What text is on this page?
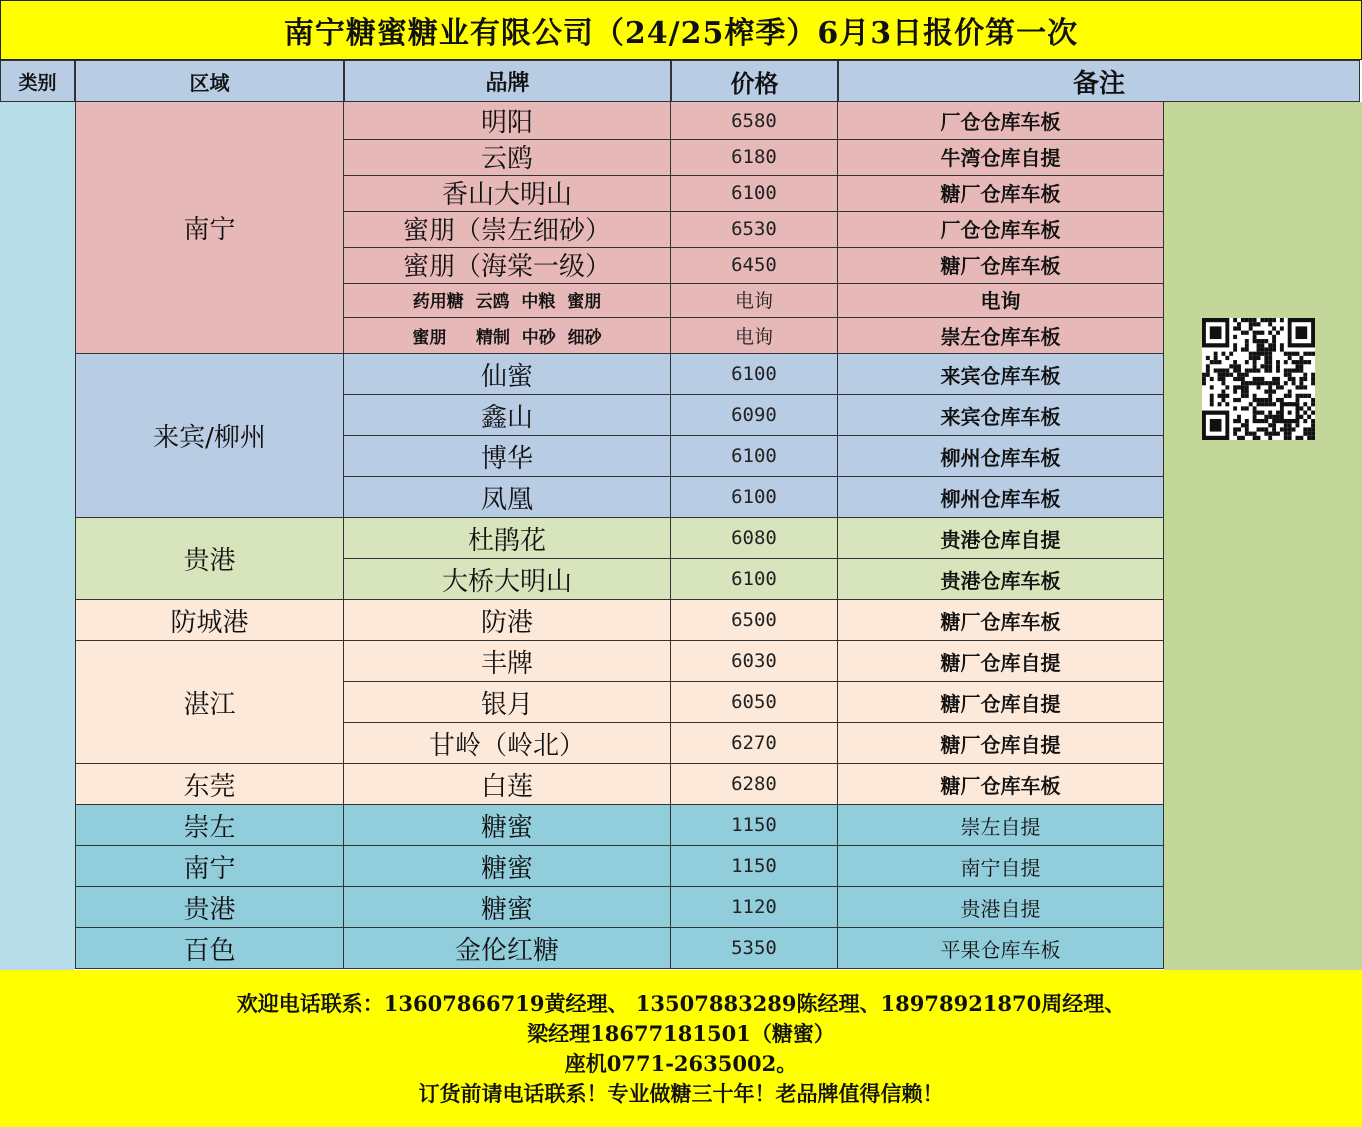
南宁糖蜜糖业有限公司（24/25榨季）6月3日报价第一次
类别	区域	品牌	价格	备注
南宁
明阳	6580	厂仓仓库车板
云鸥	6180	牛湾仓库自提
香山大明山	6100	糖厂仓库车板
蜜朋（崇左细砂）	6530	厂仓仓库车板
蜜朋（海棠一级）	6450	糖厂仓库车板
药用糖  云鸥  中粮  蜜朋	电询	电询
蜜朋     精制  中砂  细砂	电询	崇左仓库车板
来宾/柳州
仙蜜	6100	来宾仓库车板
鑫山	6090	来宾仓库车板
博华	6100	柳州仓库车板
凤凰	6100	柳州仓库车板
贵港
杜鹃花	6080	贵港仓库自提
大桥大明山	6100	贵港仓库车板
防城港	防港	6500	糖厂仓库车板
湛江
丰牌	6030	糖厂仓库自提
银月	6050	糖厂仓库自提
甘岭（岭北）	6270	糖厂仓库自提
东莞	白莲	6280	糖厂仓库车板
崇左	糖蜜	1150	崇左自提
南宁	糖蜜	1150	南宁自提
贵港	糖蜜	1120	贵港自提
百色	金伦红糖	5350	平果仓库车板
欢迎电话联系：13607866719黄经理、 13507883289陈经理、18978921870周经理、
梁经理18677181501（糖蜜）
座机0771-2635002。
订货前请电话联系！专业做糖三十年！老品牌值得信赖！
